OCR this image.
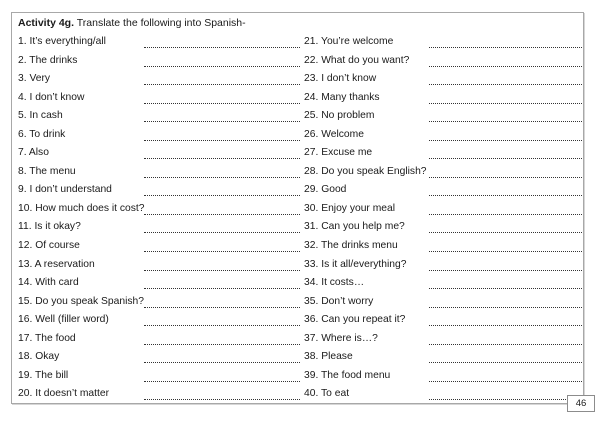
Activity 4g. Translate the following into Spanish-
1. It’s everything/all
2. The drinks
3. Very
4. I don’t know
5. In cash
6. To drink
7. Also
8. The menu
9. I don’t understand
10. How much does it cost?
11. Is it okay?
12. Of course
13. A reservation
14. With card
15. Do you speak Spanish?
16. Well (filler word)
17. The food
18. Okay
19. The bill
20. It doesn’t matter
21. You’re welcome
22. What do you want?
23. I don’t know
24. Many thanks
25. No problem
26. Welcome
27. Excuse me
28. Do you speak English?
29. Good
30. Enjoy your meal
31. Can you help me?
32. The drinks menu
33. Is it all/everything?
34. It costs…
35. Don’t worry
36. Can you repeat it?
37. Where is…?
38. Please
39. The food menu
40. To eat
46
